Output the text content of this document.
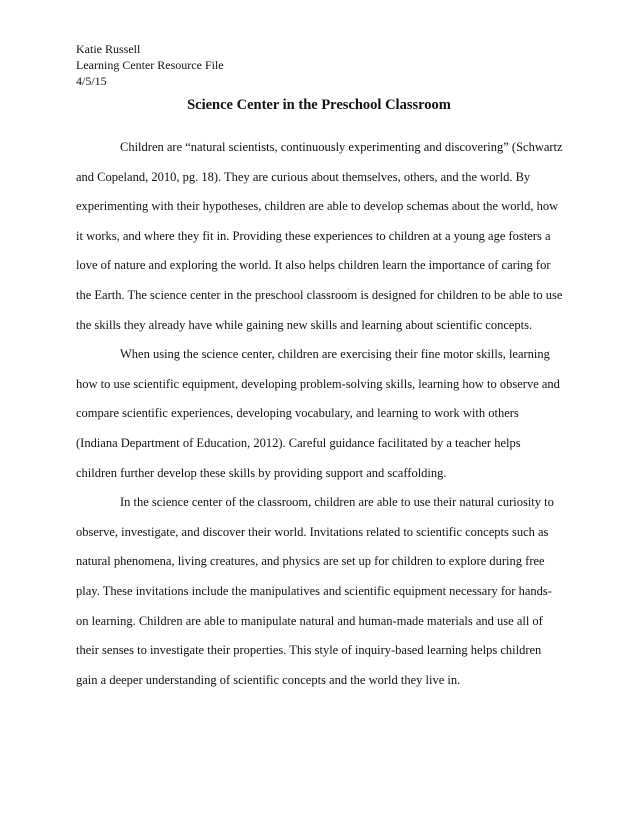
Katie Russell
Learning Center Resource File
4/5/15
Science Center in the Preschool Classroom
Children are “natural scientists, continuously experimenting and discovering” (Schwartz
and Copeland, 2010, pg. 18). They are curious about themselves, others, and the world. By
experimenting with their hypotheses, children are able to develop schemas about the world, how
it works, and where they fit in. Providing these experiences to children at a young age fosters a
love of nature and exploring the world. It also helps children learn the importance of caring for
the Earth. The science center in the preschool classroom is designed for children to be able to use
the skills they already have while gaining new skills and learning about scientific concepts.
When using the science center, children are exercising their fine motor skills, learning
how to use scientific equipment, developing problem-solving skills, learning how to observe and
compare scientific experiences, developing vocabulary, and learning to work with others
(Indiana Department of Education, 2012). Careful guidance facilitated by a teacher helps
children further develop these skills by providing support and scaffolding.
In the science center of the classroom, children are able to use their natural curiosity to
observe, investigate, and discover their world. Invitations related to scientific concepts such as
natural phenomena, living creatures, and physics are set up for children to explore during free
play. These invitations include the manipulatives and scientific equipment necessary for hands-
on learning. Children are able to manipulate natural and human-made materials and use all of
their senses to investigate their properties. This style of inquiry-based learning helps children
gain a deeper understanding of scientific concepts and the world they live in.
